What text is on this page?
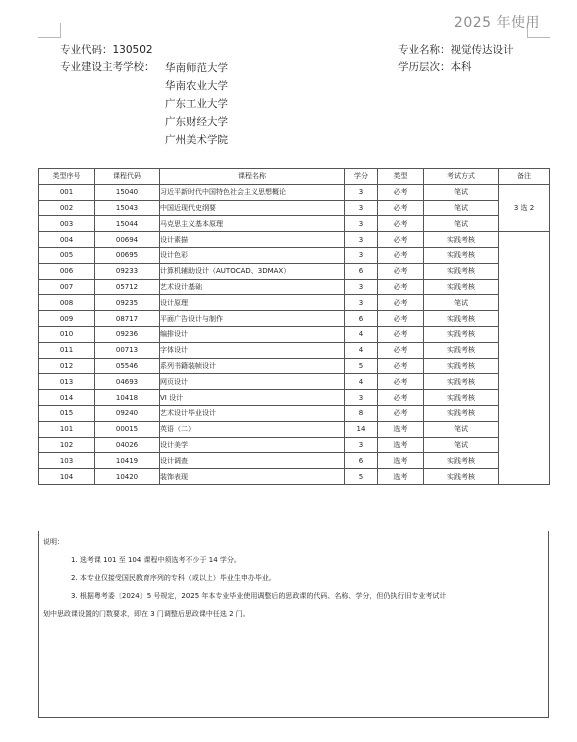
2025 年使用
专业代码：130502	专业名称：视觉传达设计
专业建设主考学校：	学历层次：本科
华南师范大学
华南农业大学
广东工业大学
广东财经大学
广州美术学院
类型序号	课程代码	课程名称	学分	类型	考试方式	备注
001	15040	习近平新时代中国特色社会主义思想概论	3	必考	笔试	3 选 2
002	15043	中国近现代史纲要	3	必考	笔试	
003	15044	马克思主义基本原理	3	必考	笔试	
004	00694	设计素描	3	必考	实践考核	
005	00695	设计色彩	3	必考	实践考核	
006	09233	计算机辅助设计（AUTOCAD、3DMAX）	6	必考	实践考核	
007	05712	艺术设计基础	3	必考	实践考核	
008	09235	设计原理	3	必考	笔试	
009	08717	平面广告设计与制作	6	必考	实践考核	
010	09236	编排设计	4	必考	实践考核	
011	00713	字体设计	4	必考	实践考核	
012	05546	系列书籍装帧设计	5	必考	实践考核	
013	04693	网页设计	4	必考	实践考核	
014	10418	VI 设计	3	必考	实践考核	
015	09240	艺术设计毕业设计	8	必考	实践考核	
101	00015	英语（二）	14	选考	笔试	
102	04026	设计美学	3	选考	笔试	
103	10419	设计调查	6	选考	实践考核	
104	10420	装饰表现	5	选考	实践考核	
说明：
1. 选考课 101 至 104 课程中须选考不少于 14 学分。
2. 本专业仅接受国民教育序列的专科（或以上）毕业生申办毕业。
3. 根据粤考委〔2024〕5 号规定，2025 年本专业毕业使用调整后的思政课的代码、名称、学分，但仍执行旧专业考试计
划中思政课设置的门数要求，即在 3 门调整后思政课中任选 2 门。
